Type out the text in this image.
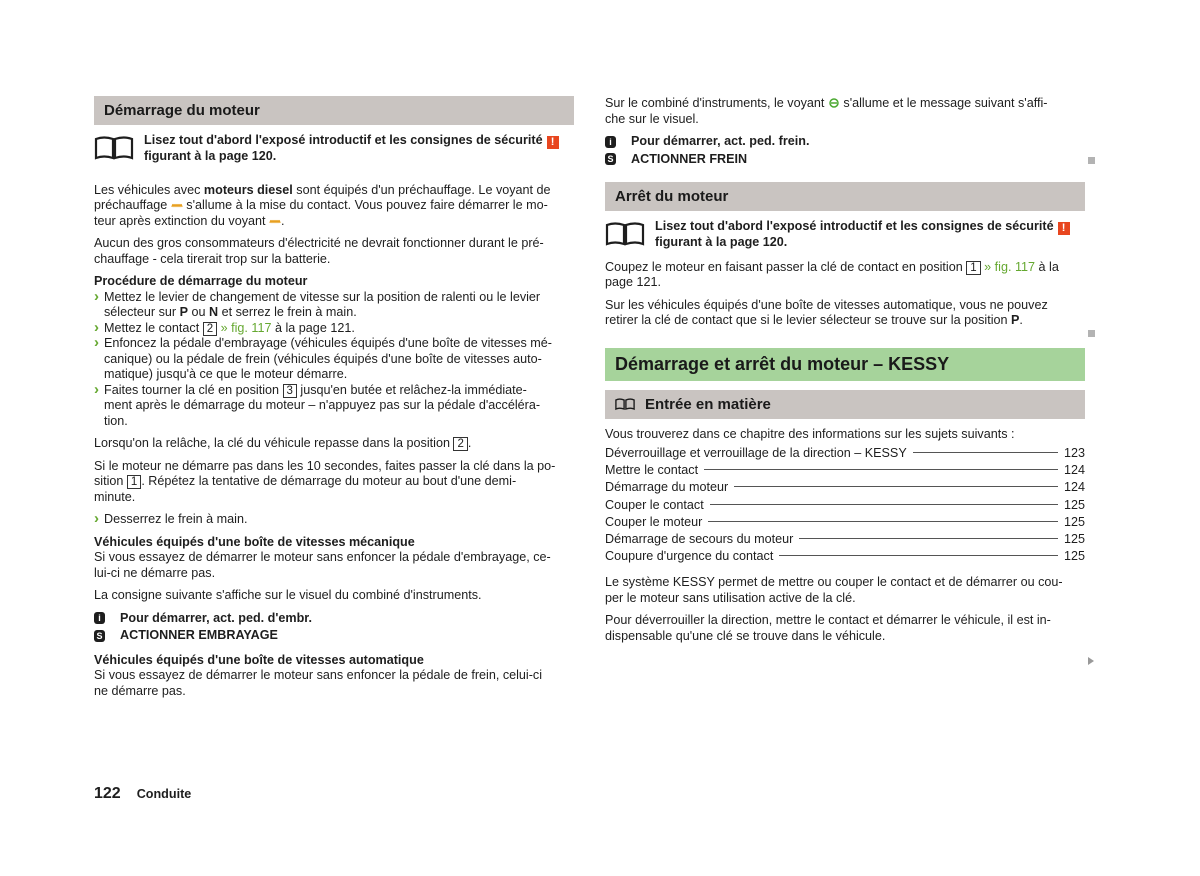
Démarrage du moteur
Lisez tout d'abord l'exposé introductif et les consignes de sécurité !
figurant à la page 120.

Les véhicules avec moteurs diesel sont équipés d'un préchauffage. Le voyant de
préchauffage  s'allume à la mise du contact. Vous pouvez faire démarrer le mo-
teur après extinction du voyant .

Aucun des gros consommateurs d'électricité ne devrait fonctionner durant le pré-
chauffage - cela tirerait trop sur la batterie.

Procédure de démarrage du moteur
› Mettez le levier de changement de vitesse sur la position de ralenti ou le levier
sélecteur sur P ou N et serrez le frein à main.
› Mettez le contact 2 » fig. 117 à la page 121.
› Enfoncez la pédale d'embrayage (véhicules équipés d'une boîte de vitesses mé-
canique) ou la pédale de frein (véhicules équipés d'une boîte de vitesses auto-
matique) jusqu'à ce que le moteur démarre.
› Faites tourner la clé en position 3 jusqu'en butée et relâchez-la immédiate-
ment après le démarrage du moteur – n'appuyez pas sur la pédale d'accéléra-
tion.

Lorsqu'on la relâche, la clé du véhicule repasse dans la position 2 .

Si le moteur ne démarre pas dans les 10 secondes, faites passer la clé dans la po-
sition 1 . Répétez la tentative de démarrage du moteur au bout d'une demi-
minute.

› Desserrez le frein à main.
Véhicules équipés d'une boîte de vitesses mécanique

Si vous essayez de démarrer le moteur sans enfoncer la pédale d'embrayage, ce-
lui-ci ne démarre pas.

La consigne suivante s'affiche sur le visuel du combiné d'instruments.

i	Pour démarrer, act. ped. d'embr.
S ACTIONNER EMBRAYAGE
Véhicules équipés d'une boîte de vitesses automatique

Si vous essayez de démarrer le moteur sans enfoncer la pédale de frein, celui-ci
ne démarre pas.

Sur le combiné d'instruments, le voyant  s'allume et le message suivant s'affi-
che sur le visuel.

i	Pour démarrer, act. ped. frein.
S ACTIONNER FREIN
Arrêt du moteur
Lisez tout d'abord l'exposé introductif et les consignes de sécurité !
figurant à la page 120.

Coupez le moteur en faisant passer la clé de contact en position 1 » fig. 117 à la
page 121.

Sur les véhicules équipés d'une boîte de vitesses automatique, vous ne pouvez
retirer la clé de contact que si le levier sélecteur se trouve sur la position P.

Démarrage et arrêt du moteur – KESSY
Entrée en matière

Vous trouverez dans ce chapitre des informations sur les sujets suivants :

Déverrouillage et verrouillage de la direction – KESSY	123
Mettre le contact	124
Démarrage du moteur	124
Couper le contact	125
Couper le moteur	125
Démarrage de secours du moteur	125
Coupure d'urgence du contact	125

Le système KESSY permet de mettre ou couper le contact et de démarrer ou cou-
per le moteur sans utilisation active de la clé.

Pour déverrouiller la direction, mettre le contact et démarrer le véhicule, il est in-
dispensable qu'une clé se trouve dans le véhicule.

122 Conduite
